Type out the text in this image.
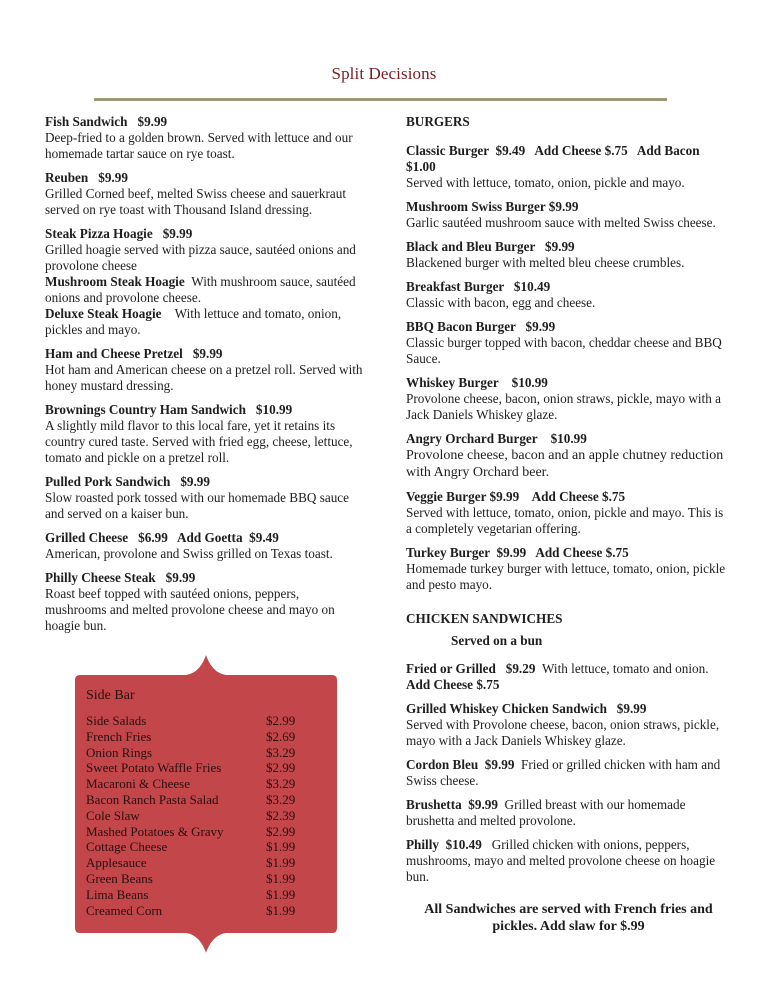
Split Decisions
Fish Sandwich $9.99
Deep-fried to a golden brown. Served with lettuce and our homemade tartar sauce on rye toast.
Reuben $9.99
Grilled Corned beef, melted Swiss cheese and sauerkraut served on rye toast with Thousand Island dressing.
Steak Pizza Hoagie $9.99
Grilled hoagie served with pizza sauce, sautéed onions and provolone cheese
Mushroom Steak Hoagie With mushroom sauce, sautéed onions and provolone cheese.
Deluxe Steak Hoagie With lettuce and tomato, onion, pickles and mayo.
Ham and Cheese Pretzel $9.99
Hot ham and American cheese on a pretzel roll. Served with honey mustard dressing.
Brownings Country Ham Sandwich $10.99
A slightly mild flavor to this local fare, yet it retains its country cured taste. Served with fried egg, cheese, lettuce, tomato and pickle on a pretzel roll.
Pulled Pork Sandwich $9.99
Slow roasted pork tossed with our homemade BBQ sauce and served on a kaiser bun.
Grilled Cheese $6.99   Add Goetta  $9.49
American, provolone and Swiss grilled on Texas toast.
Philly Cheese Steak $9.99
Roast beef topped with sautéed onions, peppers, mushrooms and melted provolone cheese and mayo on hoagie bun.
Side Bar
Side Salads	$2.99
French Fries	$2.69
Onion Rings	$3.29
Sweet Potato Waffle Fries	$2.99
Macaroni & Cheese	$3.29
Bacon Ranch Pasta Salad	$3.29
Cole Slaw	$2.39
Mashed Potatoes & Gravy	$2.99
Cottage Cheese	$1.99
Applesauce	$1.99
Green Beans	$1.99
Lima Beans	$1.99
Creamed Corn	$1.99
BURGERS
Classic Burger  $9.49   Add Cheese $.75   Add Bacon $1.00
Served with lettuce, tomato, onion, pickle and mayo.
Mushroom Swiss Burger $9.99
Garlic sautéed mushroom sauce with melted Swiss cheese.
Black and Bleu Burger   $9.99
Blackened burger with melted bleu cheese crumbles.
Breakfast Burger   $10.49
Classic with bacon, egg and cheese.
BBQ Bacon Burger   $9.99
Classic burger topped with bacon, cheddar cheese and BBQ Sauce.
Whiskey Burger    $10.99
Provolone cheese, bacon, onion straws, pickle, mayo with a Jack Daniels Whiskey glaze.
Angry Orchard Burger    $10.99
Provolone cheese, bacon and an apple chutney reduction with Angry Orchard beer.
Veggie Burger $9.99    Add Cheese $.75
Served with lettuce, tomato, onion, pickle and mayo. This is a completely vegetarian offering.
Turkey Burger  $9.99   Add Cheese $.75
Homemade turkey burger with lettuce, tomato, onion, pickle and pesto mayo.
CHICKEN SANDWICHES
Served on a bun
Fried or Grilled   $9.29 With lettuce, tomato and onion.
Add Cheese $.75
Grilled Whiskey Chicken Sandwich   $9.99
Served with Provolone cheese, bacon, onion straws, pickle, mayo with a Jack Daniels Whiskey glaze.
Cordon Bleu  $9.99 Fried or grilled chicken with ham and Swiss cheese.
Brushetta  $9.99 Grilled breast with our homemade brushetta and melted provolone.
Philly  $10.49 Grilled chicken with onions, peppers, mushrooms, mayo and melted provolone cheese on hoagie bun.
All Sandwiches are served with French fries and pickles. Add slaw for $.99
